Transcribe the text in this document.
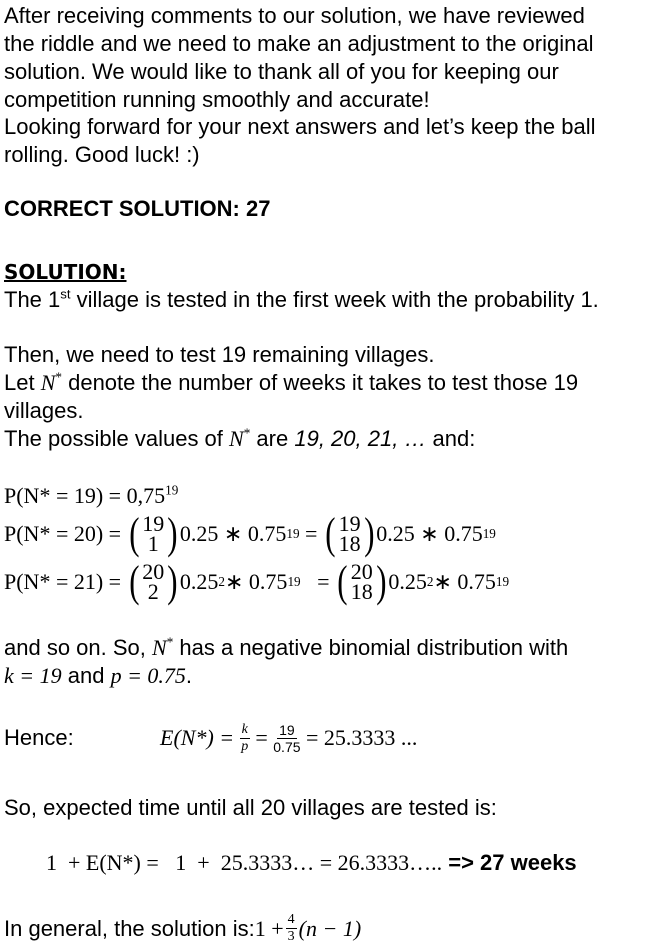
After receiving comments to our solution, we have reviewed
the riddle and we need to make an adjustment to the original
solution. We would like to thank all of you for keeping our
competition running smoothly and accurate!
Looking forward for your next answers and let’s keep the ball
rolling. Good luck! :)
CORRECT SOLUTION: 27
SOLUTION:
The 1st village is tested in the first week with the probability 1.
Then, we need to test 19 remaining villages.
Let N* denote the number of weeks it takes to test those 19
villages.
The possible values of N* are 19, 20, 21, … and:
$P(N* = 19) = 0,75^{19}$
P(N* = 20) =
( 19
1 ) 0.25 ∗ 0.75 19
=
( 19
18 ) 0.25 ∗ 0.75 19
P(N* = 21) =
( 20
2 ) 0.25 2 ∗ 0.75 19
=
( 20
18 ) 0.25 2 ∗ 0.75 19
and so on. So, N* has a negative binomial distribution with
k = 19 and p = 0.75.
Hence:	E(N*) =
$\frac{k}{p}$
=
$\frac{19}{0.75}$
= 25.3333 ...
So, expected time until all 20 villages are tested is:
1  + E(N*) =   1  +  25.3333… = 26.3333….. => 27 weeks
In general, the solution is: $1 + \frac{4}{3} (n - 1)$
